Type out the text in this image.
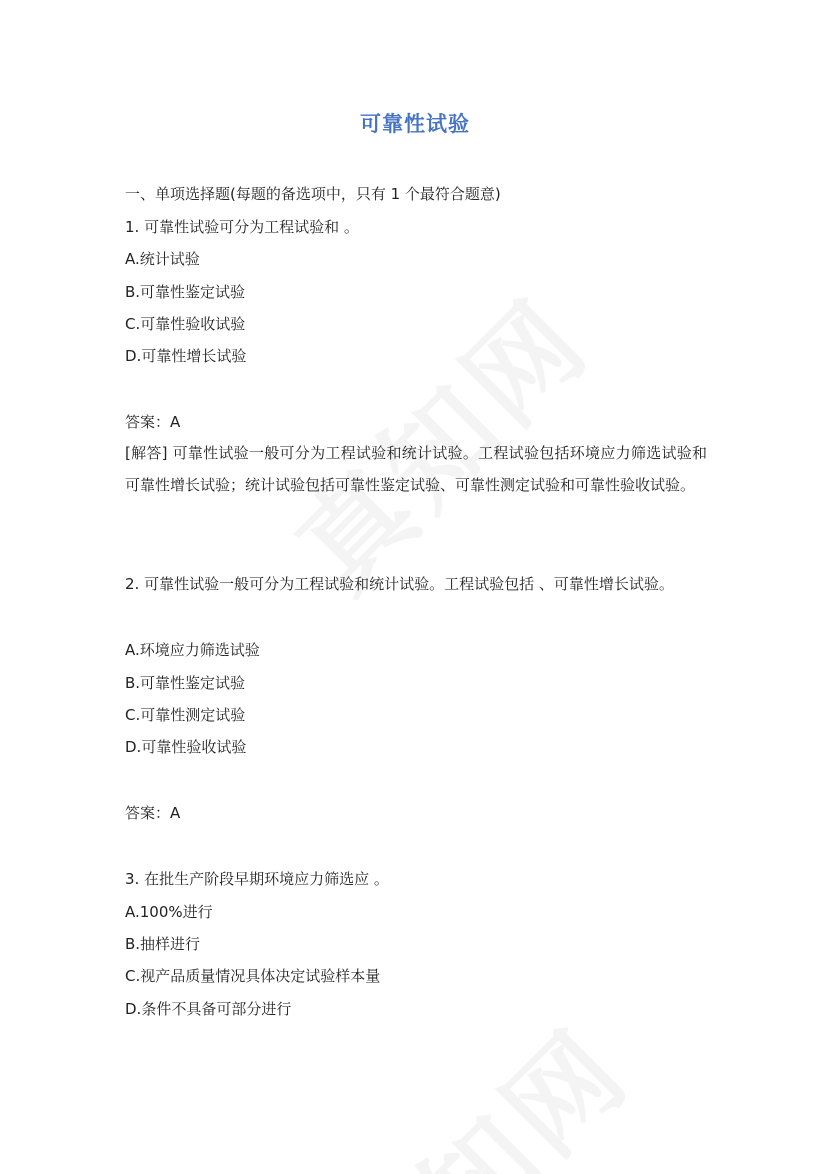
可靠性试验
一、单项选择题(每题的备选项中，只有 1 个最符合题意)
1. 可靠性试验可分为工程试验和 。
A.统计试验
B.可靠性鉴定试验
C.可靠性验收试验
D.可靠性增长试验
答案：A
[解答] 可靠性试验一般可分为工程试验和统计试验。工程试验包括环境应力筛选试验和可靠性增长试验；统计试验包括可靠性鉴定试验、可靠性测定试验和可靠性验收试验。
2. 可靠性试验一般可分为工程试验和统计试验。工程试验包括 、可靠性增长试验。
A.环境应力筛选试验
B.可靠性鉴定试验
C.可靠性测定试验
D.可靠性验收试验
答案：A
3. 在批生产阶段早期环境应力筛选应 。
A.100%进行
B.抽样进行
C.视产品质量情况具体决定试验样本量
D.条件不具备可部分进行
